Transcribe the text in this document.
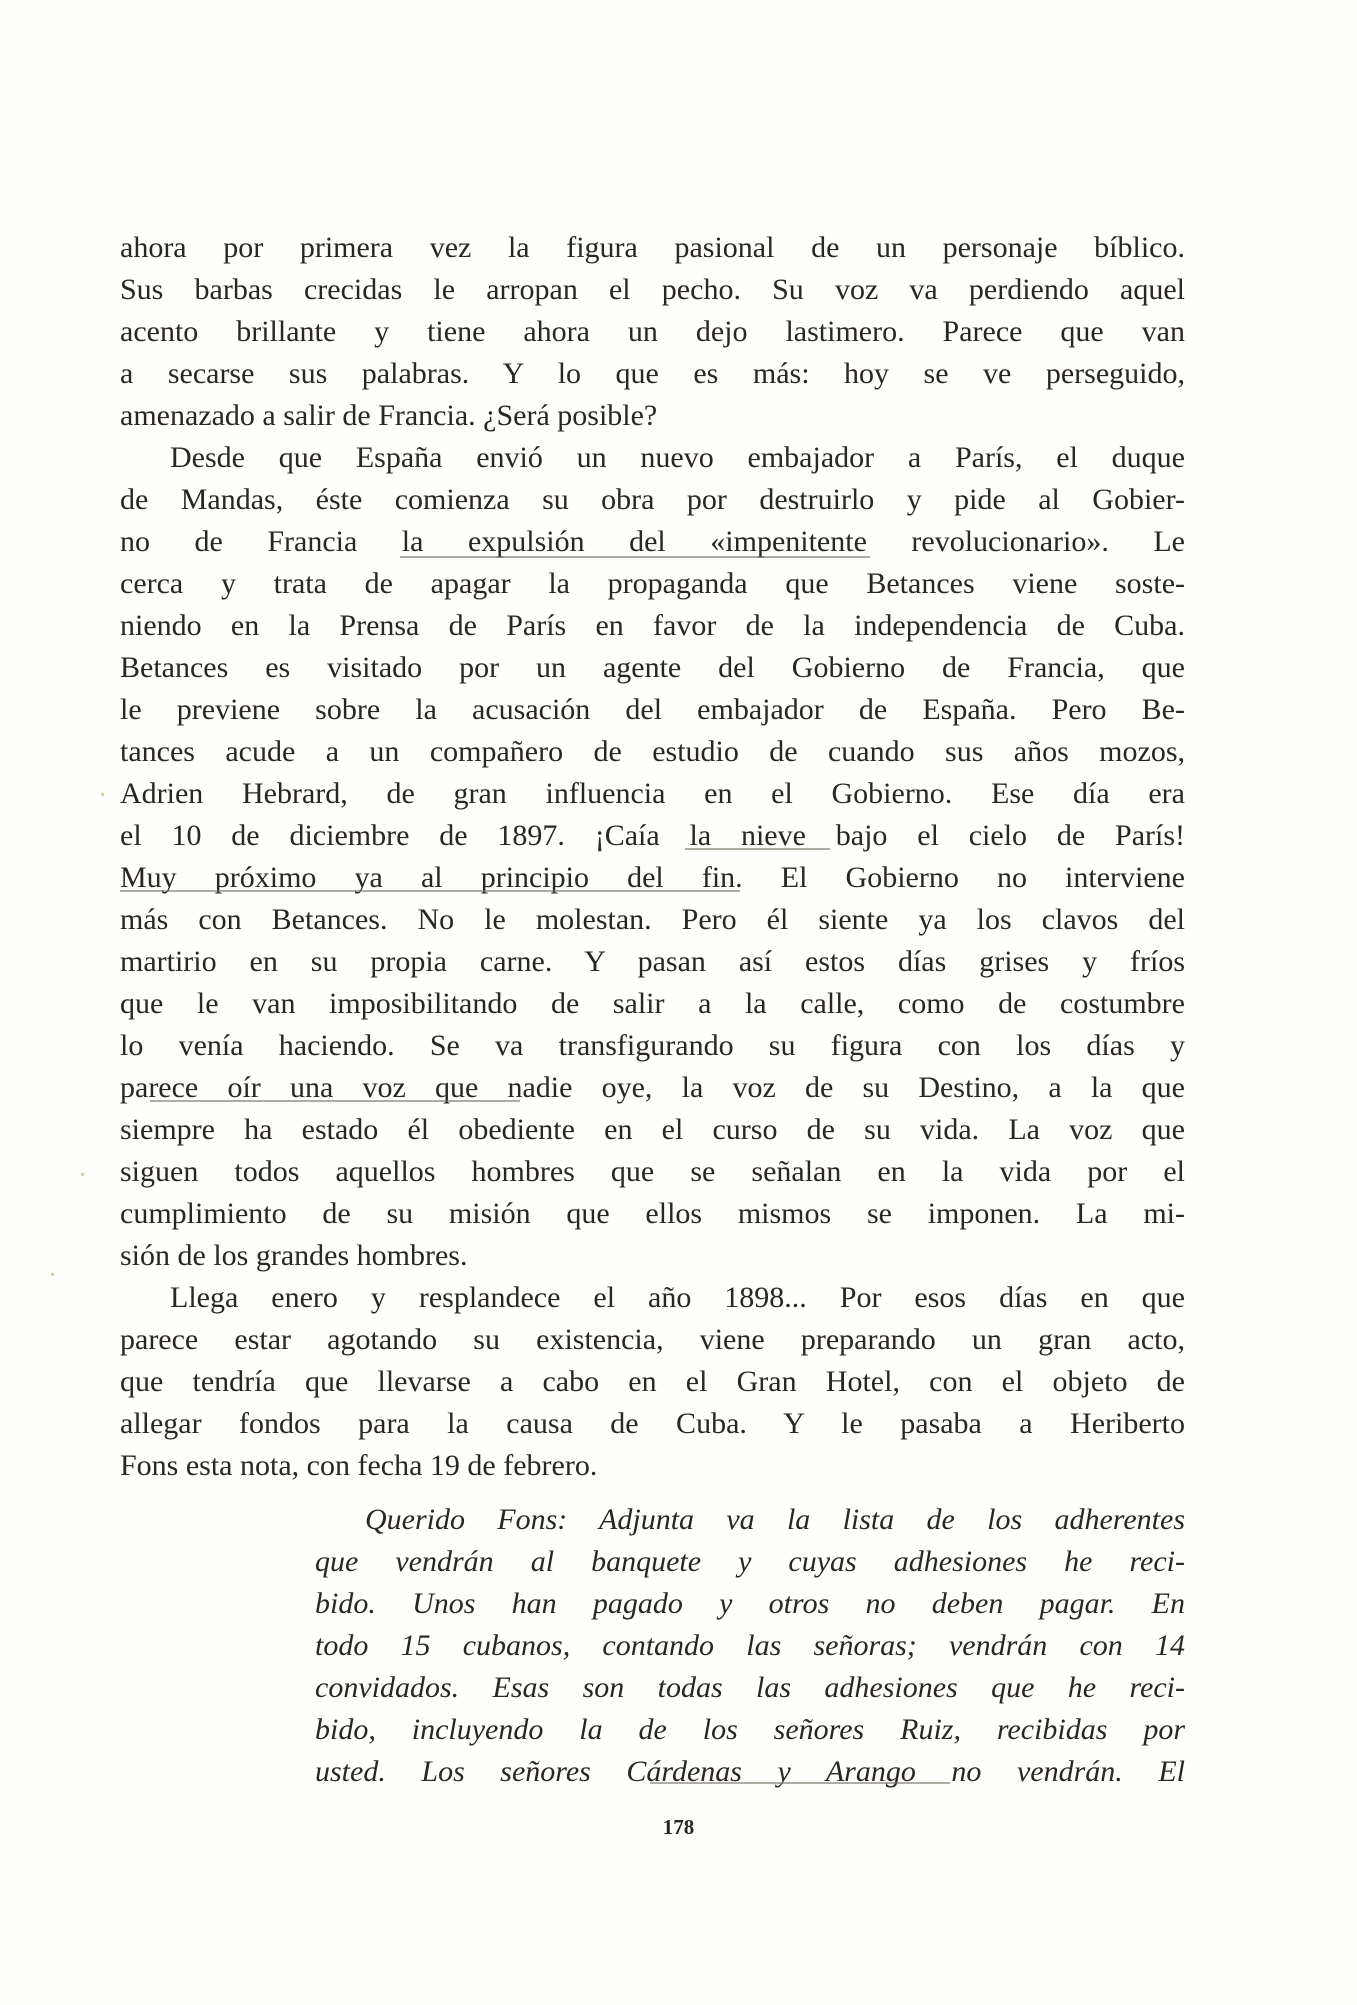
ahora por primera vez la figura pasional de un personaje bíblico.
Sus barbas crecidas le arropan el pecho. Su voz va perdiendo aquel
acento brillante y tiene ahora un dejo lastimero. Parece que van
a secarse sus palabras. Y lo que es más: hoy se ve perseguido,
amenazado a salir de Francia. ¿Será posible?
Desde que España envió un nuevo embajador a París, el duque
de Mandas, éste comienza su obra por destruirlo y pide al Gobier-
no de Francia la expulsión del «impenitente revolucionario». Le
cerca y trata de apagar la propaganda que Betances viene soste-
niendo en la Prensa de París en favor de la independencia de Cuba.
Betances es visitado por un agente del Gobierno de Francia, que
le previene sobre la acusación del embajador de España. Pero Be-
tances acude a un compañero de estudio de cuando sus años mozos,
Adrien Hebrard, de gran influencia en el Gobierno. Ese día era
el 10 de diciembre de 1897. ¡Caía la nieve bajo el cielo de París!
Muy próximo ya al principio del fin. El Gobierno no interviene
más con Betances. No le molestan. Pero él siente ya los clavos del
martirio en su propia carne. Y pasan así estos días grises y fríos
que le van imposibilitando de salir a la calle, como de costumbre
lo venía haciendo. Se va transfigurando su figura con los días y
parece oír una voz que nadie oye, la voz de su Destino, a la que
siempre ha estado él obediente en el curso de su vida. La voz que
siguen todos aquellos hombres que se señalan en la vida por el
cumplimiento de su misión que ellos mismos se imponen. La mi-
sión de los grandes hombres.
Llega enero y resplandece el año 1898... Por esos días en que
parece estar agotando su existencia, viene preparando un gran acto,
que tendría que llevarse a cabo en el Gran Hotel, con el objeto de
allegar fondos para la causa de Cuba. Y le pasaba a Heriberto
Fons esta nota, con fecha 19 de febrero.
Querido Fons: Adjunta va la lista de los adherentes
que vendrán al banquete y cuyas adhesiones he reci-
bido. Unos han pagado y otros no deben pagar. En
todo 15 cubanos, contando las señoras; vendrán con 14
convidados. Esas son todas las adhesiones que he reci-
bido, incluyendo la de los señores Ruiz, recibidas por
usted. Los señores Cárdenas y Arango no vendrán. El
·
·
·
178
